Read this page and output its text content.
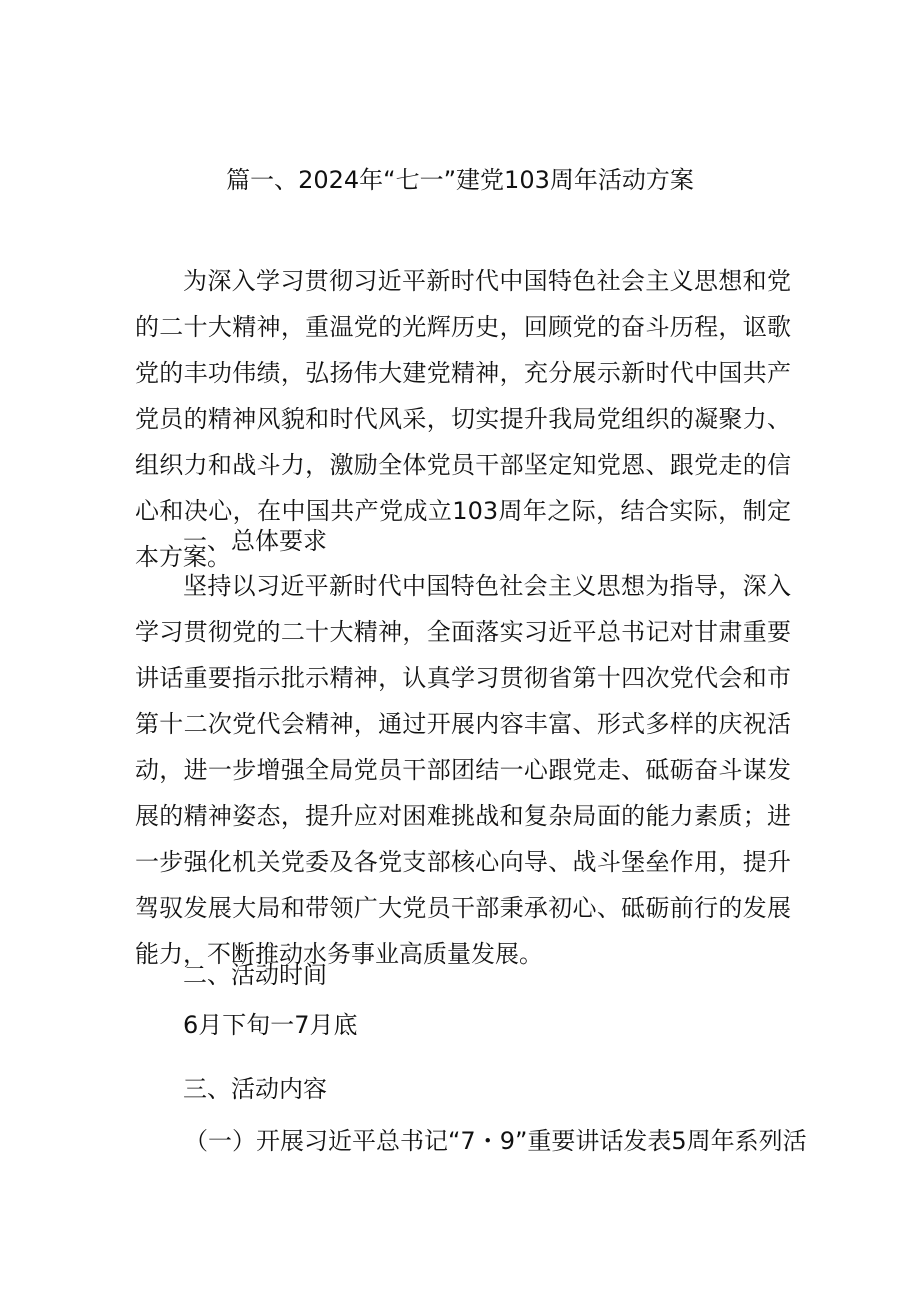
篇一、2024年“七一”建党103周年活动方案
为深入学习贯彻习近平新时代中国特色社会主义思想和党的二十大精神，重温党的光辉历史，回顾党的奋斗历程，讴歌党的丰功伟绩，弘扬伟大建党精神，充分展示新时代中国共产党员的精神风貌和时代风采，切实提升我局党组织的凝聚力、组织力和战斗力，激励全体党员干部坚定知党恩、跟党走的信心和决心，在中国共产党成立103周年之际，结合实际，制定本方案。
一、总体要求
坚持以习近平新时代中国特色社会主义思想为指导，深入学习贯彻党的二十大精神，全面落实习近平总书记对甘肃重要讲话重要指示批示精神，认真学习贯彻省第十四次党代会和市第十二次党代会精神，通过开展内容丰富、形式多样的庆祝活动，进一步增强全局党员干部团结一心跟党走、砥砺奋斗谋发展的精神姿态，提升应对困难挑战和复杂局面的能力素质；进一步强化机关党委及各党支部核心向导、战斗堡垒作用，提升驾驭发展大局和带领广大党员干部秉承初心、砥砺前行的发展能力，不断推动水务事业高质量发展。
二、活动时间
6月下旬一7月底
三、活动内容
（一）开展习近平总书记“7・9”重要讲话发表5周年系列活
